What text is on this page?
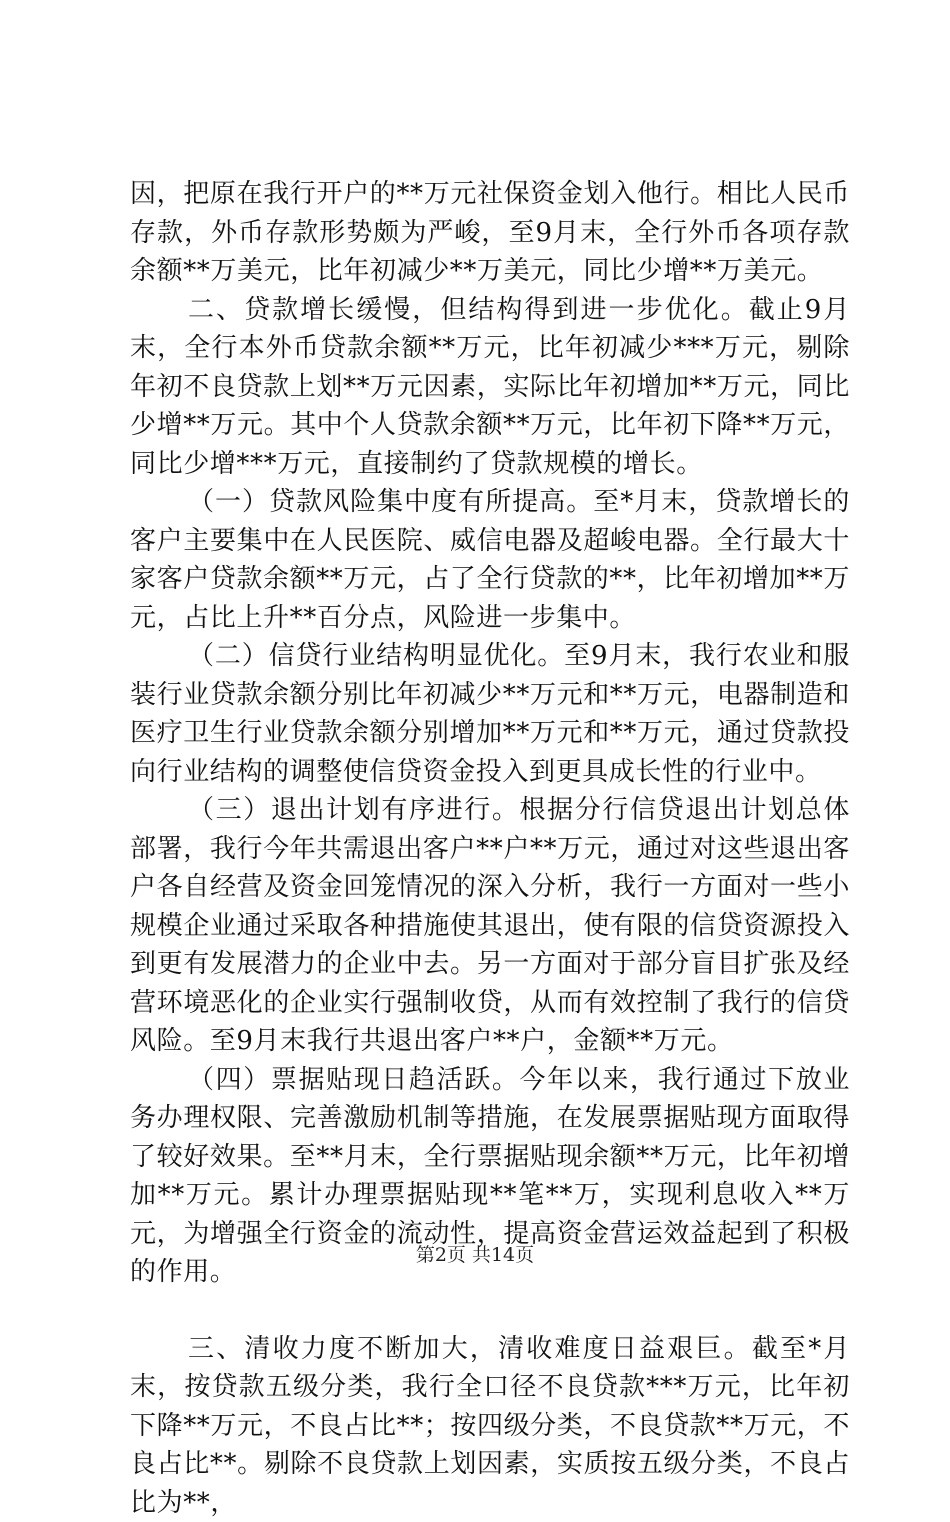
因，把原在我行开户的**万元社保资金划入他行。相比人民币存款，外币存款形势颇为严峻，至9月末，全行外币各项存款余额**万美元，比年初减少**万美元，同比少增**万美元。

二、贷款增长缓慢，但结构得到进一步优化。截止9月末，全行本外币贷款余额**万元，比年初减少***万元，剔除年初不良贷款上划**万元因素，实际比年初增加**万元，同比少增**万元。其中个人贷款余额**万元，比年初下降**万元，同比少增***万元，直接制约了贷款规模的增长。

（一）贷款风险集中度有所提高。至*月末，贷款增长的客户主要集中在人民医院、威信电器及超峻电器。全行最大十家客户贷款余额**万元，占了全行贷款的**，比年初增加**万元，占比上升**百分点，风险进一步集中。

（二）信贷行业结构明显优化。至9月末，我行农业和服装行业贷款余额分别比年初减少**万元和**万元，电器制造和医疗卫生行业贷款余额分别增加**万元和**万元，通过贷款投向行业结构的调整使信贷资金投入到更具成长性的行业中。

（三）退出计划有序进行。根据分行信贷退出计划总体部署，我行今年共需退出客户**户**万元，通过对这些退出客户各自经营及资金回笼情况的深入分析，我行一方面对一些小规模企业通过采取各种措施使其退出，使有限的信贷资源投入到更有发展潜力的企业中去。另一方面对于部分盲目扩张及经营环境恶化的企业实行强制收贷，从而有效控制了我行的信贷风险。至9月末我行共退出客户**户，金额**万元。

（四）票据贴现日趋活跃。今年以来，我行通过下放业务办理权限、完善激励机制等措施，在发展票据贴现方面取得了较好效果。至**月末，全行票据贴现余额**万元，比年初增加**万元。累计办理票据贴现**笔**万，实现利息收入**万元，为增强全行资金的流动性，提高资金营运效益起到了积极的作用。

三、清收力度不断加大，清收难度日益艰巨。截至*月末，按贷款五级分类，我行全口径不良贷款***万元，比年初下降**万元，不良占比**；按四级分类，不良贷款**万元，不良占比**。剔除不良贷款上划因素，实质按五级分类，不良占比为**，

第2页 共14页
